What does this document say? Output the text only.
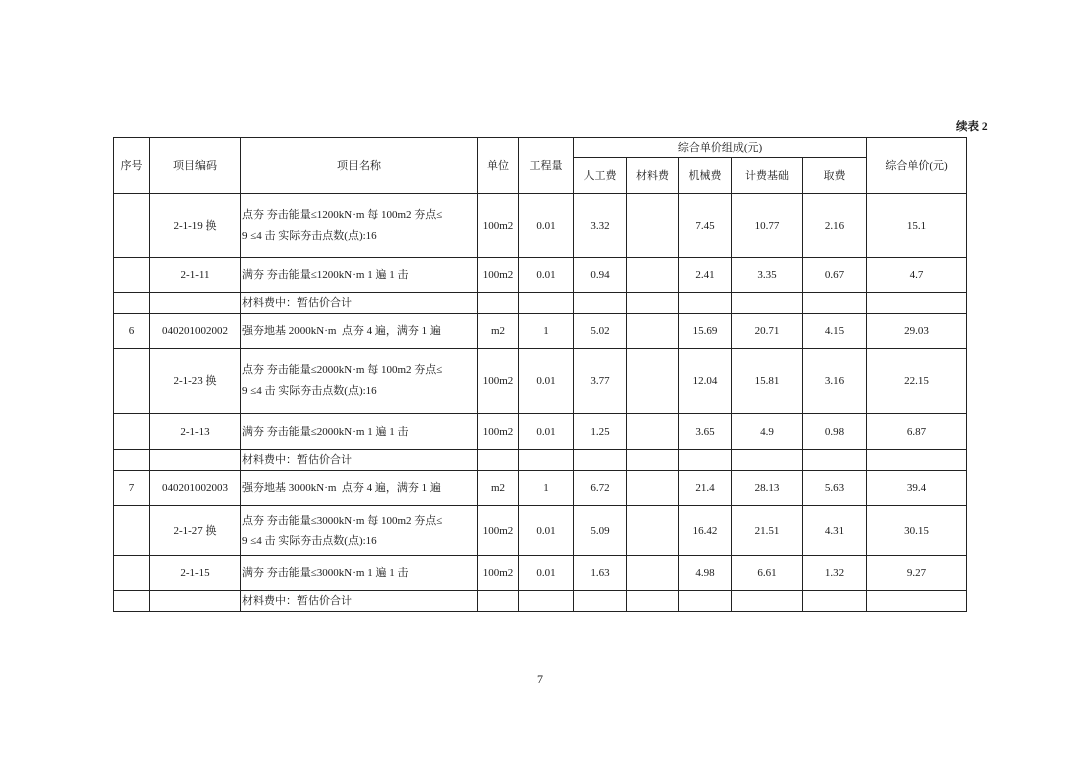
续表 2
序号	项目编码	项目名称	单位	工程量	综合单价组成(元)					综合单价(元)
					人工费	材料费	机械费	计费基础	取费	
	2-1-19 换	点夯 夯击能量≤1200kN·m 每 100m2 夯点≤
9 ≤4 击 实际夯击点数(点):16	100m2	0.01	3.32		7.45	10.77	2.16	15.1
	2-1-11	满夯 夯击能量≤1200kN·m 1 遍 1 击	100m2	0.01	0.94		2.41	3.35	0.67	4.7

		材料费中：暂估价合计								

6	040201002002	强夯地基 2000kN·m  点夯 4 遍，满夯 1 遍	m2	1	5.02		15.69	20.71	4.15	29.03
	2-1-23 换	点夯 夯击能量≤2000kN·m 每 100m2 夯点≤
9 ≤4 击 实际夯击点数(点):16	100m2	0.01	3.77		12.04	15.81	3.16	22.15
	2-1-13	满夯 夯击能量≤2000kN·m 1 遍 1 击	100m2	0.01	1.25		3.65	4.9	0.98	6.87

		材料费中：暂估价合计								

7	040201002003	强夯地基 3000kN·m  点夯 4 遍，满夯 1 遍	m2	1	6.72		21.4	28.13	5.63	39.4
	2-1-27 换	点夯 夯击能量≤3000kN·m 每 100m2 夯点≤
9 ≤4 击 实际夯击点数(点):16	100m2	0.01	5.09		16.42	21.51	4.31	30.15
	2-1-15	满夯 夯击能量≤3000kN·m 1 遍 1 击	100m2	0.01	1.63		4.98	6.61	1.32	9.27

		材料费中：暂估价合计								

7
